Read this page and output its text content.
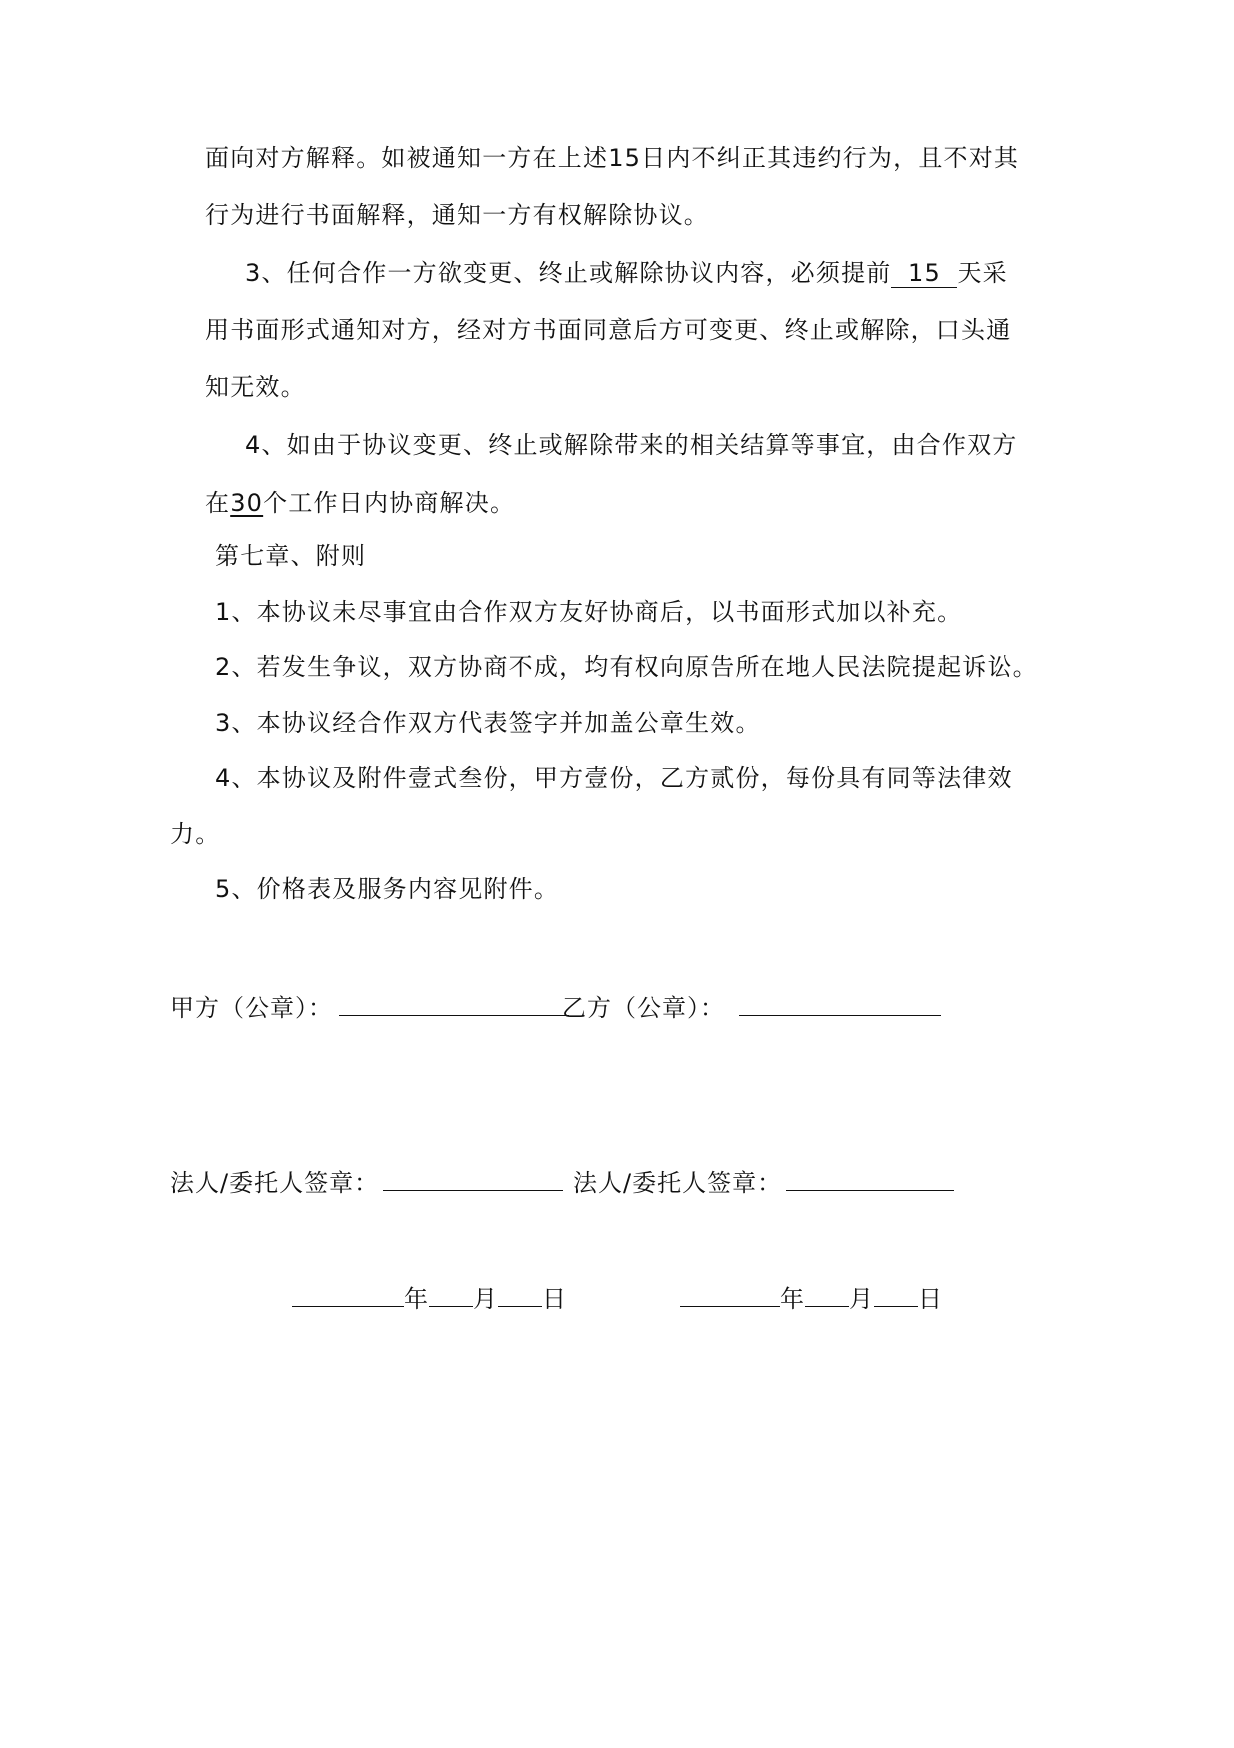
面向对方解释。如被通知一方在上述15日内不纠正其违约行为，且不对其
行为进行书面解释，通知一方有权解除协议。
3、任何合作一方欲变更、终止或解除协议内容，必须提前 15 天采
用书面形式通知对方，经对方书面同意后方可变更、终止或解除，口头通
知无效。
4、如由于协议变更、终止或解除带来的相关结算等事宜，由合作双方
在30个工作日内协商解决。
第七章、附则
1、本协议未尽事宜由合作双方友好协商后，以书面形式加以补充。
2、若发生争议，双方协商不成，均有权向原告所在地人民法院提起诉讼。
3、本协议经合作双方代表签字并加盖公章生效。
4、本协议及附件壹式叁份，甲方壹份，乙方贰份，每份具有同等法律效
力。
5、价格表及服务内容见附件。
甲方（公章）：	乙方（公章）：
法人/委托人签章：	法人/委托人签章：
年 月 日	年 月 日
